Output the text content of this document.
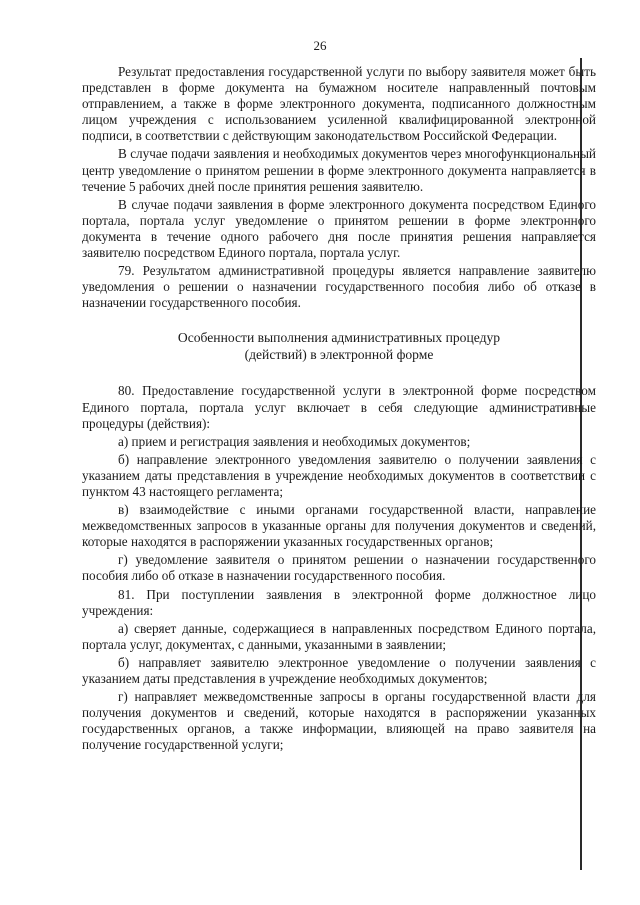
26

Результат предоставления государственной услуги по выбору заявителя может быть представлен в форме документа на бумажном носителе направленный почтовым отправлением, а также в форме электронного документа, подписанного должностным лицом учреждения с использованием усиленной квалифицированной электронной подписи, в соответствии с действующим законодательством Российской Федерации.

В случае подачи заявления и необходимых документов через многофункциональный центр уведомление о принятом решении в форме электронного документа направляется в течение 5 рабочих дней после принятия решения заявителю.

В случае подачи заявления в форме электронного документа посредством Единого портала, портала услуг уведомление о принятом решении в форме электронного документа в течение одного рабочего дня после принятия решения направляется заявителю посредством Единого портала, портала услуг.

79. Результатом административной процедуры является направление заявителю уведомления о решении о назначении государственного пособия либо об отказе в назначении государственного пособия.

Особенности выполнения административных процедур
(действий) в электронной форме

80. Предоставление государственной услуги в электронной форме посредством Единого портала, портала услуг включает в себя следующие административные процедуры (действия):

а) прием и регистрация заявления и необходимых документов;

б) направление электронного уведомления заявителю о получении заявления с указанием даты представления в учреждение необходимых документов в соответствии с пунктом 43 настоящего регламента;

в) взаимодействие с иными органами государственной власти, направление межведомственных запросов в указанные органы для получения документов и сведений, которые находятся в распоряжении указанных государственных органов;

г) уведомление заявителя о принятом решении о назначении государственного пособия либо об отказе в назначении государственного пособия.

81. При поступлении заявления в электронной форме должностное лицо учреждения:

а) сверяет данные, содержащиеся в направленных посредством Единого портала, портала услуг, документах, с данными, указанными в заявлении;

б) направляет заявителю электронное уведомление о получении заявления с указанием даты представления в учреждение необходимых документов;

г) направляет межведомственные запросы в органы государственной власти для получения документов и сведений, которые находятся в распоряжении указанных государственных органов, а также информации, влияющей на право заявителя на получение государственной услуги;
